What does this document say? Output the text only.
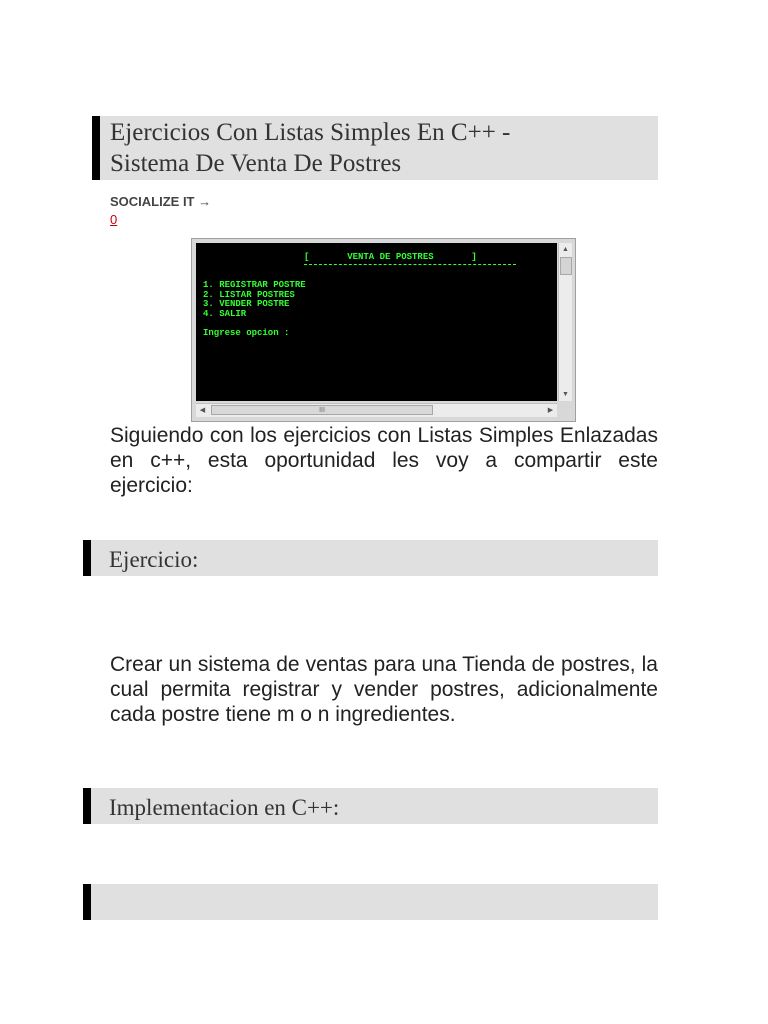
Ejercicios Con Listas Simples En C++ -
Sistema De Venta De Postres
SOCIALIZE IT →
0
[       VENTA DE POSTRES       ]
1. REGISTRAR POSTRE
2. LISTAR POSTRES
3. VENDER POSTRE
4. SALIR
Ingrese opcion :
▲
▼
◀	III	▶
Siguiendo con los ejercicios con Listas Simples Enlazadas en c++, esta oportunidad les voy a compartir este ejercicio:
Ejercicio:
Crear un sistema de ventas para una Tienda de postres, la cual permita registrar y vender postres, adicionalmente cada postre tiene m o n ingredientes.
Implementacion en C++:
